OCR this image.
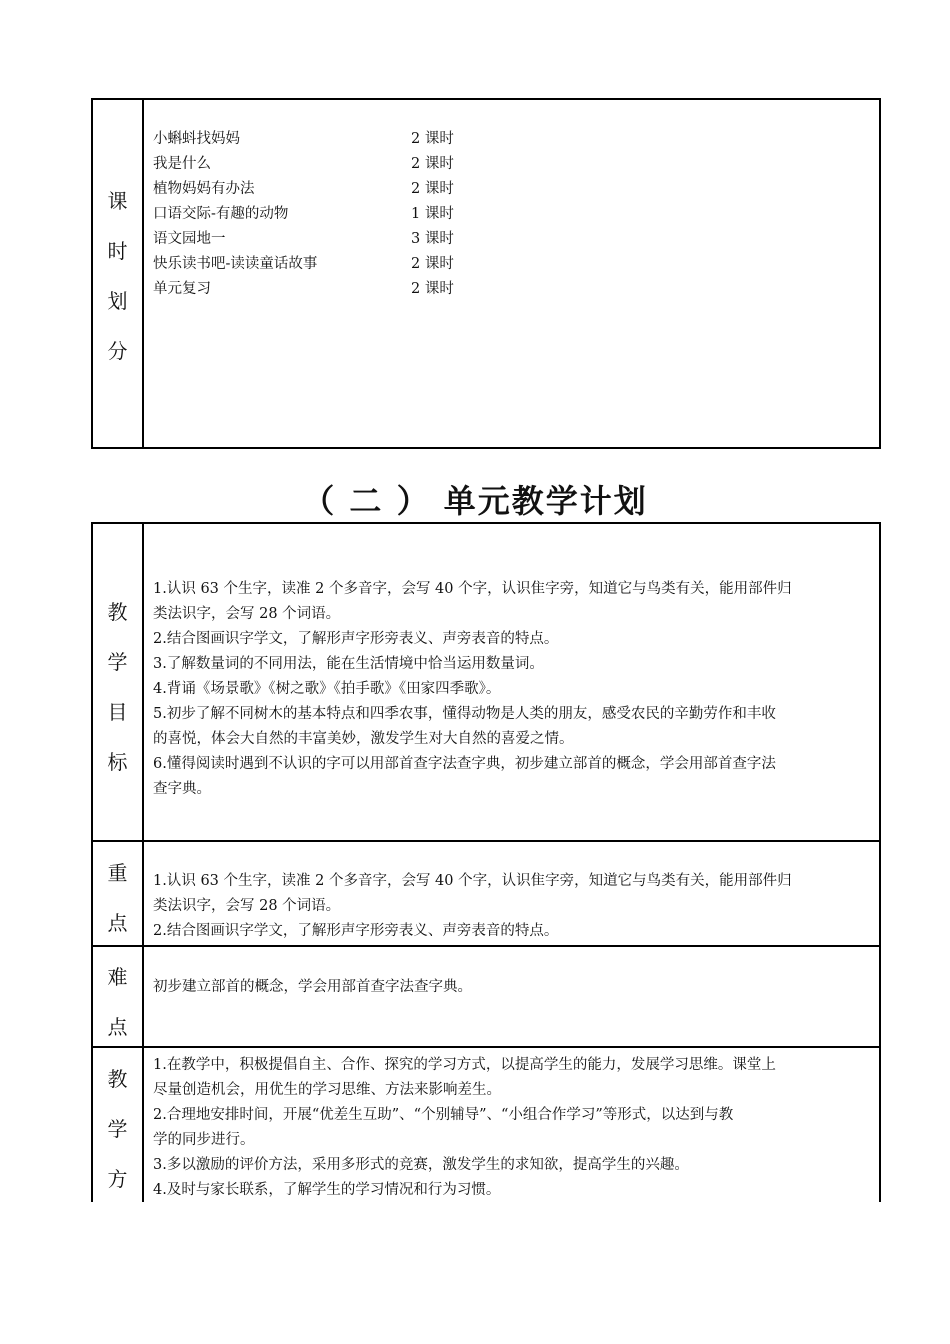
课
时
划
分
小蝌蚪找妈妈	2 课时
我是什么	2 课时
植物妈妈有办法	2 课时
口语交际-有趣的动物	1 课时
语文园地一	3 课时
快乐读书吧-读读童话故事	2 课时
单元复习	2 课时
（ 二 ） 单元教学计划
教
学
目
标

1.认识 63 个生字，读准 2 个多音字，会写 40 个字，认识隹字旁，知道它与鸟类有关，能用部件归

类法识字，会写 28 个词语。

2.结合图画识字学文，了解形声字形旁表义、声旁表音的特点。

3.了解数量词的不同用法，能在生活情境中恰当运用数量词。

4.背诵《场景歌》《树之歌》《拍手歌》《田家四季歌》。

5.初步了解不同树木的基本特点和四季农事，懂得动物是人类的朋友，感受农民的辛勤劳作和丰收

的喜悦，体会大自然的丰富美妙，激发学生对大自然的喜爱之情。

6.懂得阅读时遇到不认识的字可以用部首查字法查字典，初步建立部首的概念，学会用部首查字法

查字典。

重
点

1.认识 63 个生字，读准 2 个多音字，会写 40 个字，认识隹字旁，知道它与鸟类有关，能用部件归

类法识字，会写 28 个词语。

2.结合图画识字学文，了解形声字形旁表义、声旁表音的特点。

难
点

初步建立部首的概念，学会用部首查字法查字典。

教
学
方

1.在教学中，积极提倡自主、合作、探究的学习方式，以提高学生的能力，发展学习思维。课堂上

尽量创造机会，用优生的学习思维、方法来影响差生。

2.合理地安排时间，开展“优差生互助”、“个别辅导”、“小组合作学习”等形式，以达到与教

学的同步进行。

3.多以激励的评价方法，采用多形式的竞赛，激发学生的求知欲，提高学生的兴趣。

4.及时与家长联系，了解学生的学习情况和行为习惯。
